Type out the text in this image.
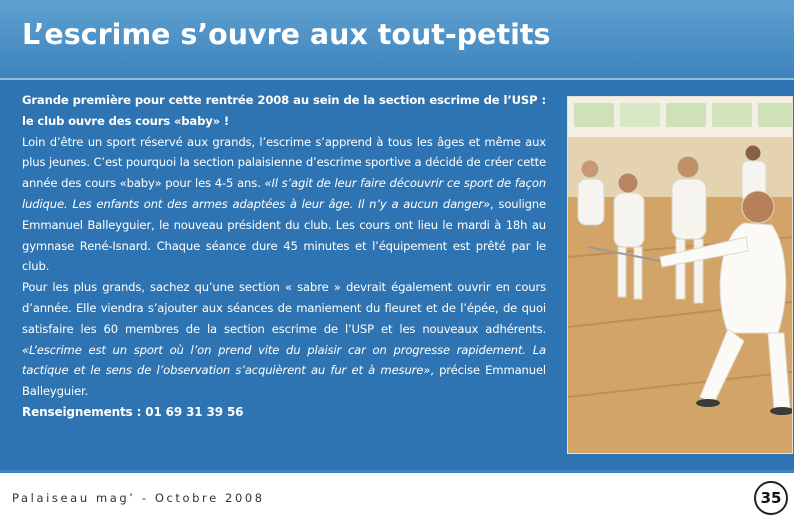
L’escrime s’ouvre aux tout-petits

Grande première pour cette rentrée 2008 au sein de la section escrime de l’USP : le club ouvre des cours «baby» !

Loin d’être un sport réservé aux grands, l’escrime s’apprend à tous les âges et même aux plus jeunes. C’est pourquoi la section palaisienne d’escrime sportive a décidé de créer cette année des cours «baby» pour les 4-5 ans. «Il s’agit de leur faire découvrir ce sport de façon ludique. Les enfants ont des armes adaptées à leur âge. Il n’y a aucun danger», souligne Emmanuel Balleyguier, le nouveau président du club. Les cours ont lieu le mardi à 18h au gymnase René-Isnard. Chaque séance dure 45 minutes et l’équipement est prêté par le club.

Pour les plus grands, sachez qu’une section « sabre » devrait également ouvrir en cours d’année. Elle viendra s’ajouter aux séances de maniement du fleuret et de l’épée, de quoi satisfaire les 60 membres de la section escrime de l’USP et les nouveaux adhérents. «L’escrime est un sport où l’on prend vite du plaisir car on progresse rapidement. La tactique et le sens de l’observation s’acquièrent au fur et à mesure», précise Emmanuel Balleyguier.

Renseignements : 01 69 31 39 56

Palaiseau mag’ - Octobre 2008	35
